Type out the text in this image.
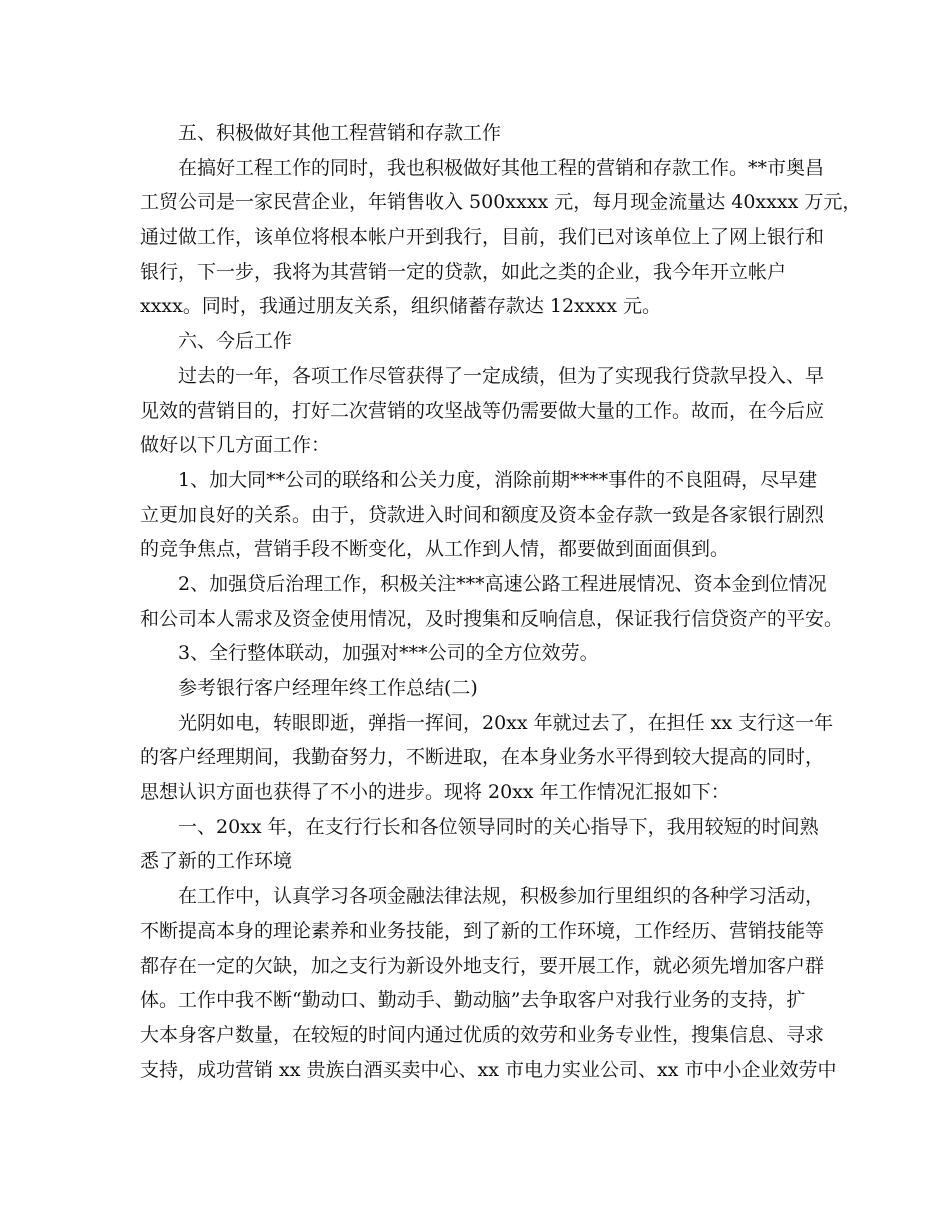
五、积极做好其他工程营销和存款工作
在搞好工程工作的同时，我也积极做好其他工程的营销和存款工作。**市奥昌
工贸公司是一家民营企业，年销售收入 500xxxx 元，每月现金流量达 40xxxx 万元，
通过做工作，该单位将根本帐户开到我行，目前，我们已对该单位上了网上银行和
银行，下一步，我将为其营销一定的贷款，如此之类的企业，我今年开立帐户
xxxx。同时，我通过朋友关系，组织储蓄存款达 12xxxx 元。
六、今后工作
过去的一年，各项工作尽管获得了一定成绩，但为了实现我行贷款早投入、早
见效的营销目的，打好二次营销的攻坚战等仍需要做大量的工作。故而，在今后应
做好以下几方面工作：
1、加大同**公司的联络和公关力度，消除前期****事件的不良阻碍，尽早建
立更加良好的关系。由于，贷款进入时间和额度及资本金存款一致是各家银行剧烈
的竞争焦点，营销手段不断变化，从工作到人情，都要做到面面俱到。
2、加强贷后治理工作，积极关注***高速公路工程进展情况、资本金到位情况
和公司本人需求及资金使用情况，及时搜集和反响信息，保证我行信贷资产的平安。
3、全行整体联动，加强对***公司的全方位效劳。
参考银行客户经理年终工作总结(二)
光阴如电，转眼即逝，弹指一挥间，20xx 年就过去了，在担任 xx 支行这一年
的客户经理期间，我勤奋努力，不断进取，在本身业务水平得到较大提高的同时，
思想认识方面也获得了不小的进步。现将 20xx 年工作情况汇报如下：
一、20xx 年，在支行行长和各位领导同时的关心指导下，我用较短的时间熟
悉了新的工作环境
在工作中，认真学习各项金融法律法规，积极参加行里组织的各种学习活动，
不断提高本身的理论素养和业务技能，到了新的工作环境，工作经历、营销技能等
都存在一定的欠缺，加之支行为新设外地支行，要开展工作，就必须先增加客户群
体。工作中我不断“勤动口、勤动手、勤动脑”去争取客户对我行业务的支持，扩
大本身客户数量，在较短的时间内通过优质的效劳和业务专业性，搜集信息、寻求
支持，成功营销 xx 贵族白酒买卖中心、xx 市电力实业公司、xx 市中小企业效劳中
